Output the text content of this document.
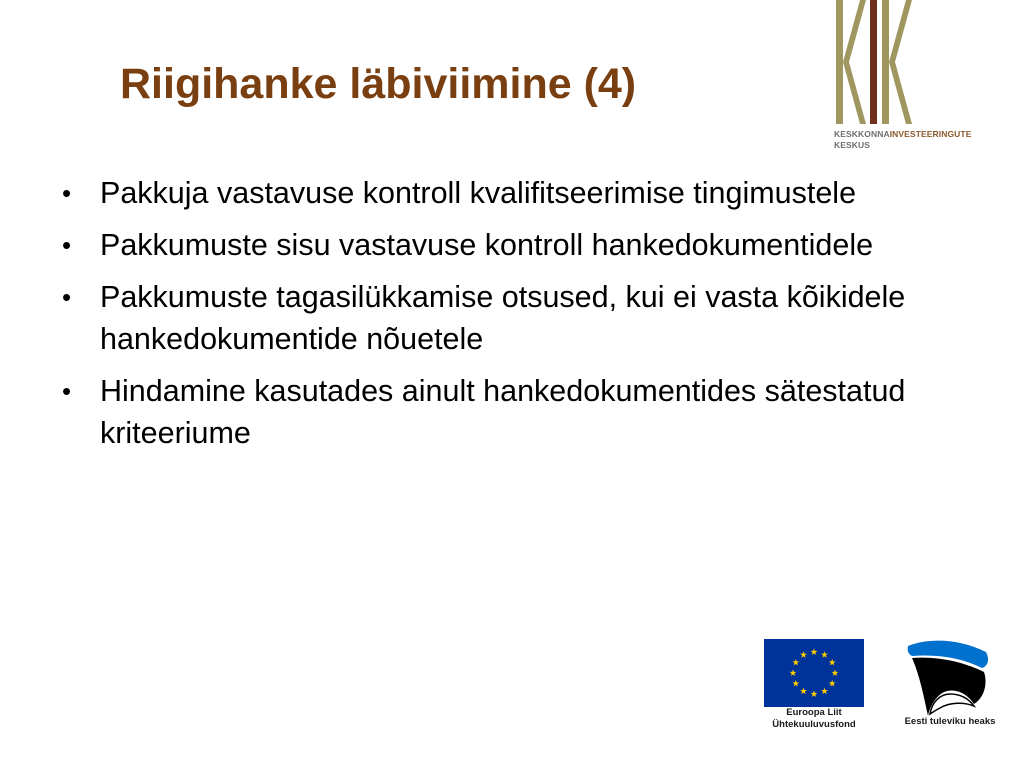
Riigihanke läbiviimine (4)
KESKKONNAINVESTEERINGUTE
KESKUS
• Pakkuja vastavuse kontroll kvalifitseerimise tingimustele
• Pakkumuste sisu vastavuse kontroll hankedokumentidele
• Pakkumuste tagasilükkamise otsused, kui ei vasta kõikidele hankedokumentide nõuetele
• Hindamine kasutades ainult hankedokumentides sätestatud kriteeriume
Euroopa Liit
Ühtekuuluvusfond	Eesti tuleviku heaks
